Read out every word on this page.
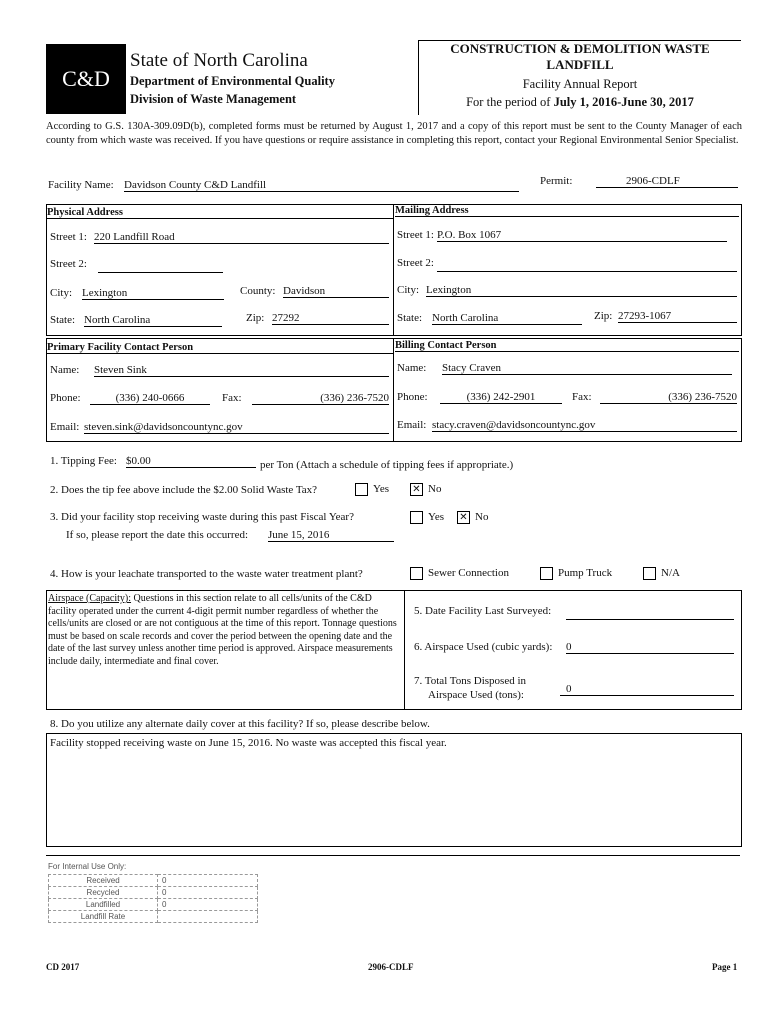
C&D
State of North Carolina
Department of Environmental Quality
Division of Waste Management
CONSTRUCTION & DEMOLITION WASTE
LANDFILL
Facility Annual Report
For the period of July 1, 2016-June 30, 2017
According to G.S. 130A-309.09D(b), completed forms must be returned by August 1, 2017 and a copy of this report must be sent to the County Manager of each county from which waste was received. If you have questions or require assistance in completing this report, contact your Regional Environmental Senior Specialist.
Facility Name: Davidson County C&D Landfill	Permit:	2906-CDLF
Physical Address	Mailing Address
Street 1: 220 Landfill Road
Street 2:
City: Lexington	County: Davidson
State: North Carolina	Zip: 27292
Street 1: P.O. Box 1067
Street 2:
City: Lexington
State: North Carolina	Zip: 27293-1067
Primary Facility Contact Person	Billing Contact Person
Name: Steven Sink
Phone:	(336) 240-0666	Fax:	(336) 236-7520
Email: steven.sink@davidsoncountync.gov
Name: Stacy Craven
Phone:	(336) 242-2901	Fax:	(336) 236-7520
Email: stacy.craven@davidsoncountync.gov
1. Tipping Fee: $0.00	per Ton (Attach a schedule of tipping fees if appropriate.)
2. Does the tip fee above include the $2.00 Solid Waste Tax?	Yes ✕ No
3. Did your facility stop receiving waste during this past Fiscal Year?	Yes ✕ No
If so, please report the date this occurred: June 15, 2016
4. How is your leachate transported to the waste water treatment plant?	Sewer Connection	Pump Truck	N/A
Airspace (Capacity): Questions in this section relate to all cells/units of the C&D facility operated under the current 4-digit permit number regardless of whether the cells/units are closed or are not contiguous at the time of this report. Tonnage questions must be based on scale records and cover the period between the opening date and the date of the last survey unless another time period is approved. Airspace measurements include daily, intermediate and final cover.
5. Date Facility Last Surveyed:
6. Airspace Used (cubic yards): 0
7. Total Tons Disposed in
Airspace Used (tons):	0
8. Do you utilize any alternate daily cover at this facility? If so, please describe below.
Facility stopped receiving waste on June 15, 2016. No waste was accepted this fiscal year.
For Internal Use Only:
Received	0
Recycled	0
Landfilled	0
Landfill Rate	
CD 2017	2906-CDLF	Page 1
